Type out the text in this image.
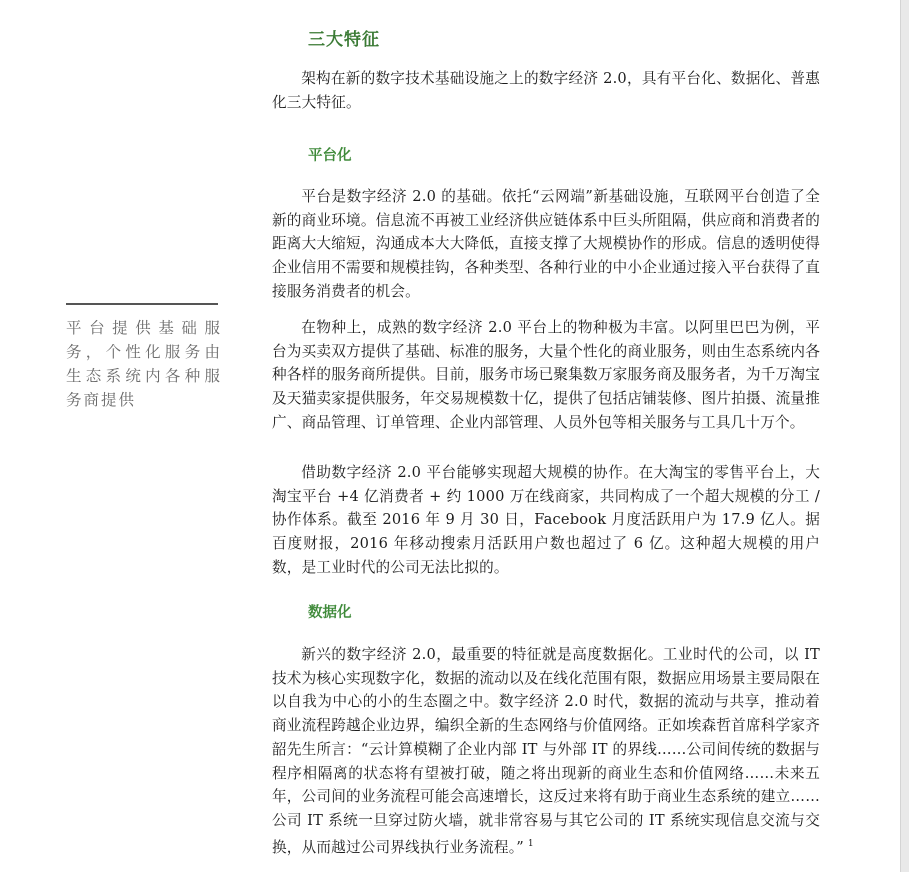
三大特征

架构在新的数字技术基础设施之上的数字经济 2.0，具有平台化、数据化、普惠化三大特征。

平台化

平台是数字经济 2.0 的基础。依托“云网端”新基础设施，互联网平台创造了全新的商业环境。信息流不再被工业经济供应链体系中巨头所阻隔，供应商和消费者的距离大大缩短，沟通成本大大降低，直接支撑了大规模协作的形成。信息的透明使得企业信用不需要和规模挂钩，各种类型、各种行业的中小企业通过接入平台获得了直接服务消费者的机会。

平台提供基础服务，个性化服务由生态系统内各种服务商提供

在物种上，成熟的数字经济 2.0 平台上的物种极为丰富。以阿里巴巴为例，平台为买卖双方提供了基础、标准的服务，大量个性化的商业服务，则由生态系统内各种各样的服务商所提供。目前，服务市场已聚集数万家服务商及服务者，为千万淘宝及天猫卖家提供服务，年交易规模数十亿，提供了包括店铺装修、图片拍摄、流量推广、商品管理、订单管理、企业内部管理、人员外包等相关服务与工具几十万个。

借助数字经济 2.0 平台能够实现超大规模的协作。在大淘宝的零售平台上，大淘宝平台 +4 亿消费者 + 约 1000 万在线商家，共同构成了一个超大规模的分工 / 协作体系。截至 2016 年 9 月 30 日，Facebook 月度活跃用户为 17.9 亿人。据百度财报，2016 年移动搜索月活跃用户数也超过了 6 亿。这种超大规模的用户数，是工业时代的公司无法比拟的。

数据化

新兴的数字经济 2.0，最重要的特征就是高度数据化。工业时代的公司，以 IT 技术为核心实现数字化，数据的流动以及在线化范围有限，数据应用场景主要局限在以自我为中心的小的生态圈之中。数字经济 2.0 时代，数据的流动与共享，推动着商业流程跨越企业边界，编织全新的生态网络与价值网络。正如埃森哲首席科学家齐韶先生所言：“云计算模糊了企业内部 IT 与外部 IT 的界线……公司间传统的数据与程序相隔离的状态将有望被打破，随之将出现新的商业生态和价值网络……未来五年，公司间的业务流程可能会高速增长，这反过来将有助于商业生态系统的建立……公司 IT 系统一旦穿过防火墙，就非常容易与其它公司的 IT 系统实现信息交流与交换，从而越过公司界线执行业务流程。” $^1$
